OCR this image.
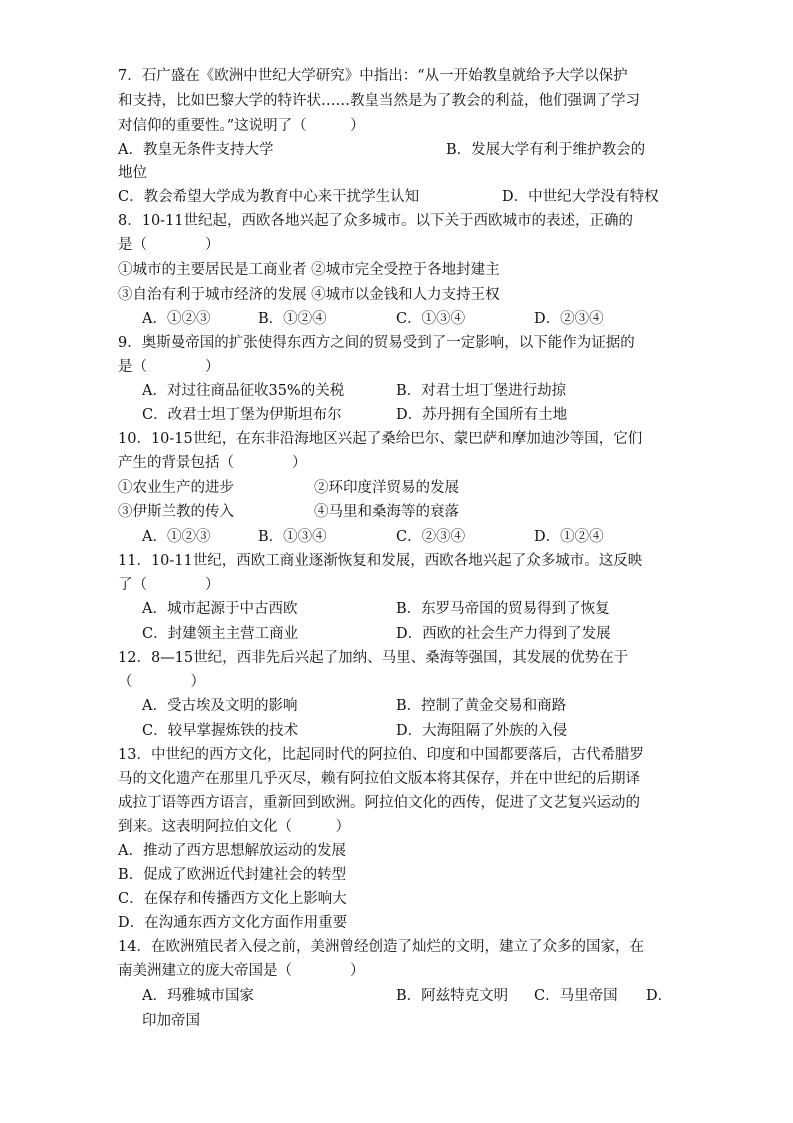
7．石广盛在《欧洲中世纪大学研究》中指出：“从一开始教皇就给予大学以保护
和支持，比如巴黎大学的特许状……教皇当然是为了教会的利益，他们强调了学习
对信仰的重要性。”这说明了（　　　）
A．教皇无条件支持大学	B．发展大学有利于维护教会的
地位
C．教会希望大学成为教育中心来干扰学生认知	D．中世纪大学没有特权
8．10-11世纪起，西欧各地兴起了众多城市。以下关于西欧城市的表述，正确的
是（　　　　）
①城市的主要居民是工商业者 ②城市完全受控于各地封建主
③自治有利于城市经济的发展 ④城市以金钱和人力支持王权
A．①②③	B．①②④	C．①③④	D．②③④
9．奥斯曼帝国的扩张使得东西方之间的贸易受到了一定影响，以下能作为证据的
是（　　　　）
A．对过往商品征收35%的关税	B．对君士坦丁堡进行劫掠
C．改君士坦丁堡为伊斯坦布尔	D．苏丹拥有全国所有土地
10．10-15世纪，在东非沿海地区兴起了桑给巴尔、蒙巴萨和摩加迪沙等国，它们
产生的背景包括（　　　　）
①农业生产的进步	②环印度洋贸易的发展
③伊斯兰教的传入	④马里和桑海等的衰落
A．①②③	B．①③④	C．②③④	D．①②④
11．10-11世纪，西欧工商业逐渐恢复和发展，西欧各地兴起了众多城市。这反映
了（　　　　）
A．城市起源于中古西欧	B．东罗马帝国的贸易得到了恢复
C．封建领主主营工商业	D．西欧的社会生产力得到了发展
12．8—15世纪，西非先后兴起了加纳、马里、桑海等强国，其发展的优势在于
（　　　　）
A．受古埃及文明的影响	B．控制了黄金交易和商路
C．较早掌握炼铁的技术	D．大海阻隔了外族的入侵
13．中世纪的西方文化，比起同时代的阿拉伯、印度和中国都要落后，古代希腊罗
马的文化遗产在那里几乎灭尽，赖有阿拉伯文版本将其保存，并在中世纪的后期译
成拉丁语等西方语言，重新回到欧洲。阿拉伯文化的西传，促进了文艺复兴运动的
到来。这表明阿拉伯文化（　　　）
A．推动了西方思想解放运动的发展
B．促成了欧洲近代封建社会的转型
C．在保存和传播西方文化上影响大
D．在沟通东西方文化方面作用重要
14．在欧洲殖民者入侵之前，美洲曾经创造了灿烂的文明，建立了众多的国家，在
南美洲建立的庞大帝国是（　　　　）
A．玛雅城市国家	B．阿兹特克文明 C．马里帝国 D．
印加帝国
